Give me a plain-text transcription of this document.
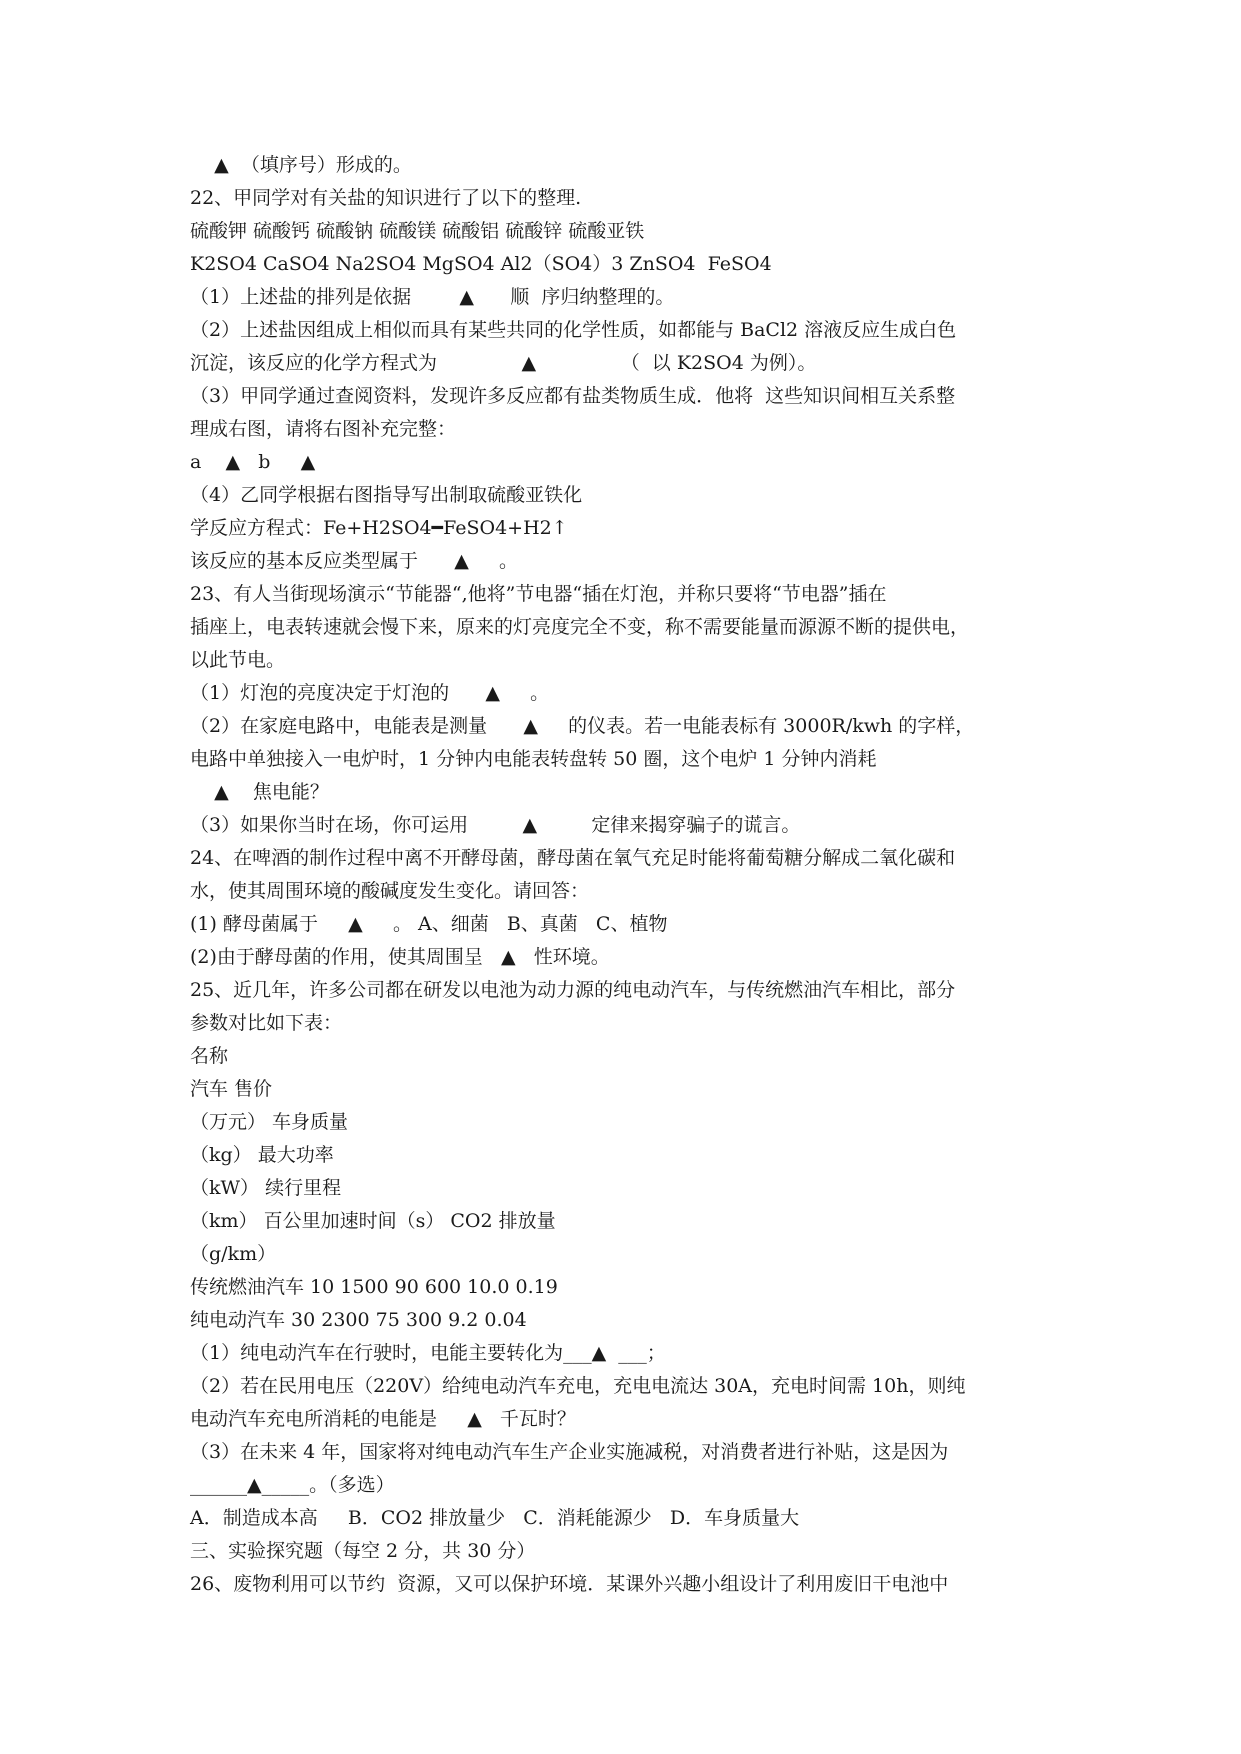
▲  （填序号）形成的。
22、甲同学对有关盐的知识进行了以下的整理.
硫酸钾 硫酸钙 硫酸钠 硫酸镁 硫酸铝 硫酸锌 硫酸亚铁
K2SO4 CaSO4 Na2SO4 MgSO4 Al2（SO4）3 ZnSO4  FeSO4
（1）上述盐的排列是依据        ▲      顺  序归纳整理的。
（2）上述盐因组成上相似而具有某些共同的化学性质，如都能与 BaCl2 溶液反应生成白色
沉淀，该反应的化学方程式为              ▲              （  以 K2SO4 为例）。
（3）甲同学通过查阅资料，发现许多反应都有盐类物质生成．他将  这些知识间相互关系整
理成右图，请将右图补充完整：
a    ▲   b     ▲
（4）乙同学根据右图指导写出制取硫酸亚铁化
学反应方程式：Fe+H2SO4━FeSO4+H2↑
该反应的基本反应类型属于      ▲     。
23、有人当街现场演示“节能器“,他将”节电器“插在灯泡，并称只要将“节电器”插在
插座上，电表转速就会慢下来，原来的灯亮度完全不变，称不需要能量而源源不断的提供电，
以此节电。
（1）灯泡的亮度决定于灯泡的      ▲     。
（2）在家庭电路中，电能表是测量      ▲     的仪表。若一电能表标有 3000R/kwh 的字样，
电路中单独接入一电炉时，1 分钟内电能表转盘转 50 圈，这个电炉 1 分钟内消耗
▲    焦电能？
（3）如果你当时在场，你可运用         ▲         定律来揭穿骗子的谎言。
24、在啤酒的制作过程中离不开酵母菌，酵母菌在氧气充足时能将葡萄糖分解成二氧化碳和
水，使其周围环境的酸碱度发生变化。请回答：
(1) 酵母菌属于     ▲     。 A、细菌   B、真菌   C、植物
(2)由于酵母菌的作用，使其周围呈   ▲   性环境。
25、近几年，许多公司都在研发以电池为动力源的纯电动汽车，与传统燃油汽车相比，部分
参数对比如下表：
名称
汽车 售价
（万元） 车身质量
（kg） 最大功率
（kW） 续行里程
（km） 百公里加速时间（s） CO2 排放量
（g/km）
传统燃油汽车 10 1500 90 600 10.0 0.19
纯电动汽车 30 2300 75 300 9.2 0.04
（1）纯电动汽车在行驶时，电能主要转化为___▲  ___；
（2）若在民用电压（220V）给纯电动汽车充电，充电电流达 30A，充电时间需 10h，则纯
电动汽车充电所消耗的电能是     ▲   千瓦时？
（3）在未来 4 年，国家将对纯电动汽车生产企业实施减税，对消费者进行补贴，这是因为
______▲_____。（多选）
A．制造成本高     B．CO2 排放量少   C．消耗能源少   D．车身质量大
三、实验探究题（每空 2 分，共 30 分）
26、废物利用可以节约  资源，又可以保护环境．某课外兴趣小组设计了利用废旧干电池中
